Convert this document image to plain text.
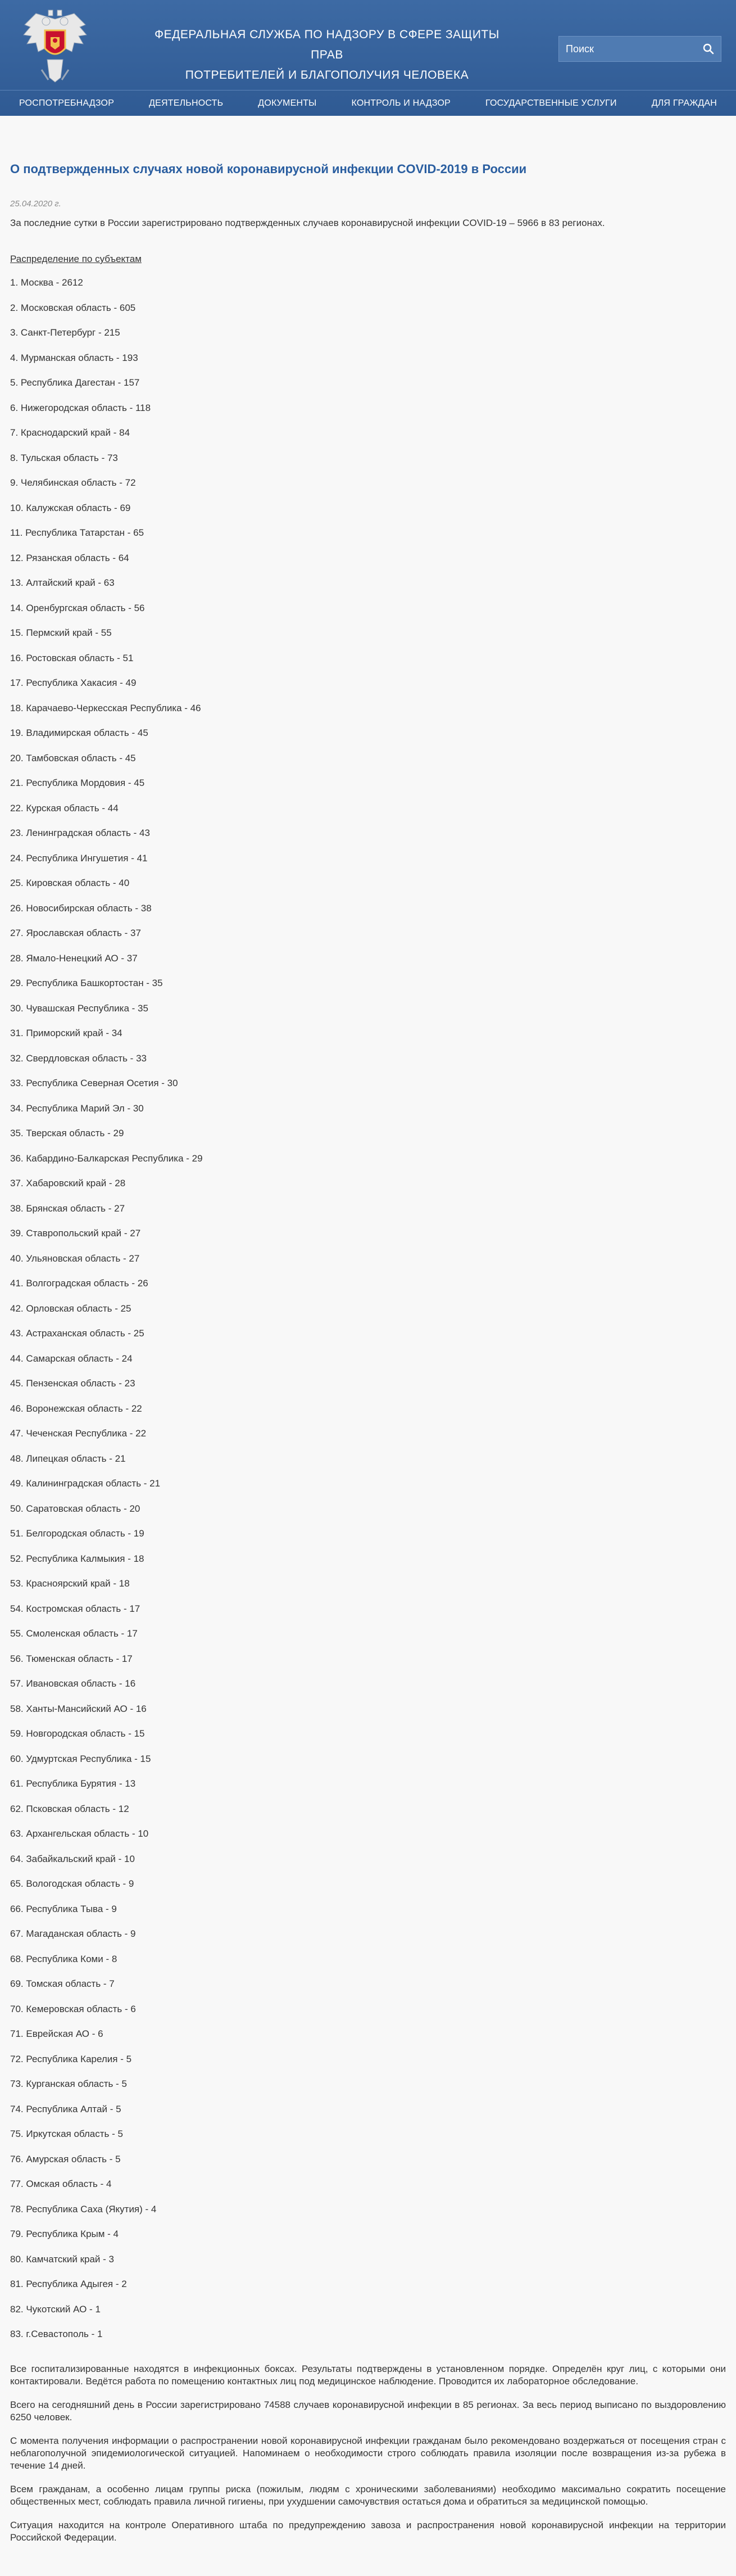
ФЕДЕРАЛЬНАЯ СЛУЖБА ПО НАДЗОРУ В СФЕРЕ ЗАЩИТЫ ПРАВ
ПОТРЕБИТЕЛЕЙ И БЛАГОПОЛУЧИЯ ЧЕЛОВЕКА
Поиск
РОСПОТРЕБНАДЗОР	ДЕЯТЕЛЬНОСТЬ	ДОКУМЕНТЫ	КОНТРОЛЬ И НАДЗОР	ГОСУДАРСТВЕННЫЕ УСЛУГИ	ДЛЯ ГРАЖДАН
О подтвержденных случаях новой коронавирусной инфекции COVID-2019 в России
25.04.2020 г.

За последние сутки в России зарегистрировано подтвержденных случаев коронавирусной инфекции COVID-19 – 5966 в 83 регионах.

Распределение по субъектам

1. Москва - 2612
2. Московская область - 605
3. Санкт-Петербург - 215
4. Мурманская область - 193
5. Республика Дагестан - 157
6. Нижегородская область - 118
7. Краснодарский край - 84
8. Тульская область - 73
9. Челябинская область - 72
10. Калужская область - 69
11. Республика Татарстан - 65
12. Рязанская область - 64
13. Алтайский край - 63
14. Оренбургская область - 56
15. Пермский край - 55
16. Ростовская область - 51
17. Республика Хакасия - 49
18. Карачаево-Черкесская Республика - 46
19. Владимирская область - 45
20. Тамбовская область - 45
21. Республика Мордовия - 45
22. Курская область - 44
23. Ленинградская область - 43
24. Республика Ингушетия - 41
25. Кировская область - 40
26. Новосибирская область - 38
27. Ярославская область - 37
28. Ямало-Ненецкий АО - 37
29. Республика Башкортостан - 35
30. Чувашская Республика - 35
31. Приморский край - 34
32. Свердловская область - 33
33. Республика Северная Осетия - 30
34. Республика Марий Эл - 30
35. Тверская область - 29
36. Кабардино-Балкарская Республика - 29
37. Хабаровский край - 28
38. Брянская область - 27
39. Ставропольский край - 27
40. Ульяновская область - 27
41. Волгоградская область - 26
42. Орловская область - 25
43. Астраханская область - 25
44. Самарская область - 24
45. Пензенская область - 23
46. Воронежская область - 22
47. Чеченская Республика - 22
48. Липецкая область - 21
49. Калининградская область - 21
50. Саратовская область - 20
51. Белгородская область - 19
52. Республика Калмыкия - 18
53. Красноярский край - 18
54. Костромская область - 17
55. Смоленская область - 17
56. Тюменская область - 17
57. Ивановская область - 16
58. Ханты-Мансийский АО - 16
59. Новгородская область - 15
60. Удмуртская Республика - 15
61. Республика Бурятия - 13
62. Псковская область - 12
63. Архангельская область - 10
64. Забайкальский край - 10
65. Вологодская область - 9
66. Республика Тыва - 9
67. Магаданская область - 9
68. Республика Коми - 8
69. Томская область - 7
70. Кемеровская область - 6
71. Еврейская АО - 6
72. Республика Карелия - 5
73. Курганская область - 5
74. Республика Алтай - 5
75. Иркутская область - 5
76. Амурская область - 5
77. Омская область - 4
78. Республика Саха (Якутия) - 4
79. Республика Крым - 4
80. Камчатский край - 3
81. Республика Адыгея - 2
82. Чукотский АО - 1
83. г.Севастополь - 1

Все госпитализированные находятся в инфекционных боксах. Результаты подтверждены в установленном порядке. Определён круг лиц, с которыми они контактировали. Ведётся работа по помещению контактных лиц под медицинское наблюдение. Проводится их лабораторное обследование.

Всего на сегодняшний день в России зарегистрировано 74588 случаев коронавирусной инфекции в 85 регионах. За весь период выписано по выздоровлению 6250 человек.

С момента получения информации о распространении новой коронавирусной инфекции гражданам было рекомендовано воздержаться от посещения стран с неблагополучной эпидемиологической ситуацией. Напоминаем о необходимости строго соблюдать правила изоляции после возвращения из-за рубежа в течение 14 дней.

Всем гражданам, а особенно лицам группы риска (пожилым, людям с хроническими заболеваниями) необходимо максимально сократить посещение общественных мест, соблюдать правила личной гигиены, при ухудшении самочувствия остаться дома и обратиться за медицинской помощью.

Ситуация находится на контроле Оперативного штаба по предупреждению завоза и распространения новой коронавирусной инфекции на территории Российской Федерации.
